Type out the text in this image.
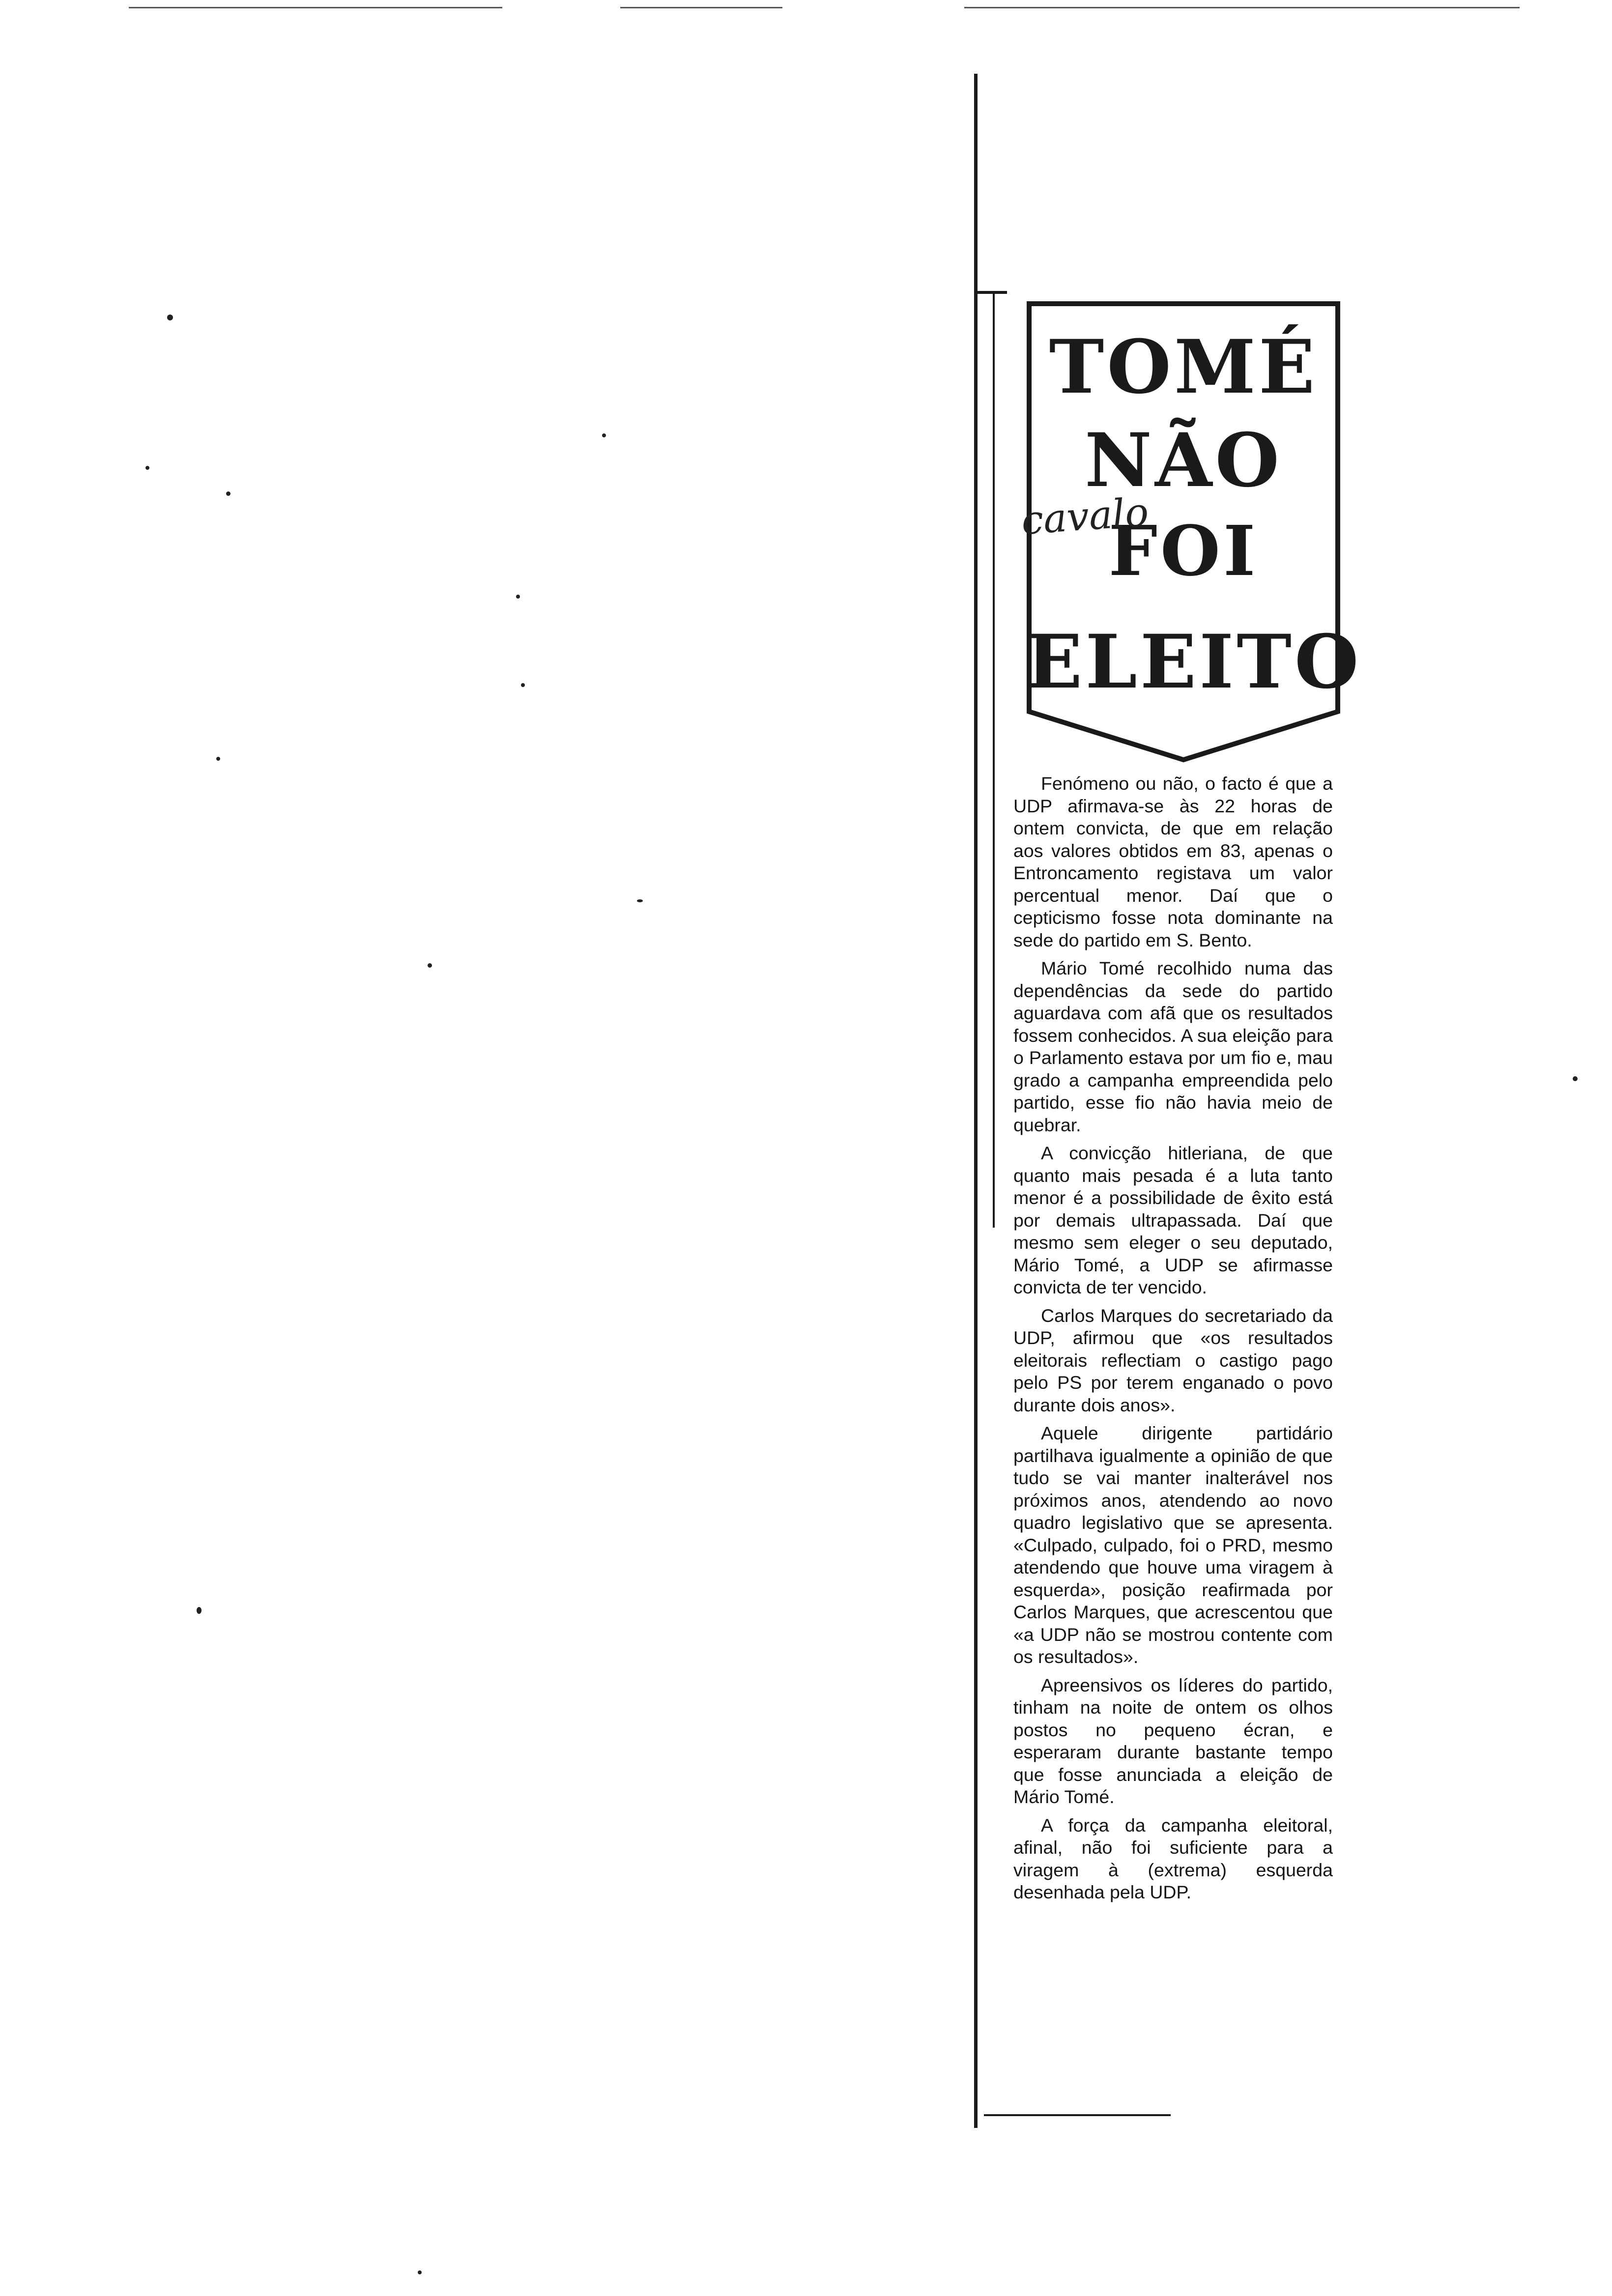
TOMÉ
NÃO
FOI
ELEITO
cavalo

Fenómeno ou não, o facto é que a UDP afirmava-se às 22 horas de ontem convicta, de que em relação aos valores obtidos em 83, apenas o Entroncamento registava um valor percentual menor. Daí que o cepticismo fosse nota dominante na sede do partido em S. Bento.

Mário Tomé recolhido numa das dependências da sede do partido aguardava com afã que os resultados fossem conhecidos. A sua eleição para o Parlamento estava por um fio e, mau grado a campanha empreendida pelo partido, esse fio não havia meio de quebrar.

A convicção hitleriana, de que quanto mais pesada é a luta tanto menor é a possibilidade de êxito está por demais ultrapassada. Daí que mesmo sem eleger o seu deputado, Mário Tomé, a UDP se afirmasse convicta de ter vencido.

Carlos Marques do secretariado da UDP, afirmou que «os resultados eleitorais reflectiam o castigo pago pelo PS por terem enganado o povo durante dois anos».

Aquele dirigente partidário partilhava igualmente a opinião de que tudo se vai manter inalterável nos próximos anos, atendendo ao novo quadro legislativo que se apresenta. «Culpado, culpado, foi o PRD, mesmo atendendo que houve uma viragem à esquerda», posição reafirmada por Carlos Marques, que acrescentou que «a UDP não se mostrou contente com os resultados».

Apreensivos os líderes do partido, tinham na noite de ontem os olhos postos no pequeno écran, e esperaram durante bastante tempo que fosse anunciada a eleição de Mário Tomé.

A força da campanha eleitoral, afinal, não foi suficiente para a viragem à (extrema) esquerda desenhada pela UDP.
